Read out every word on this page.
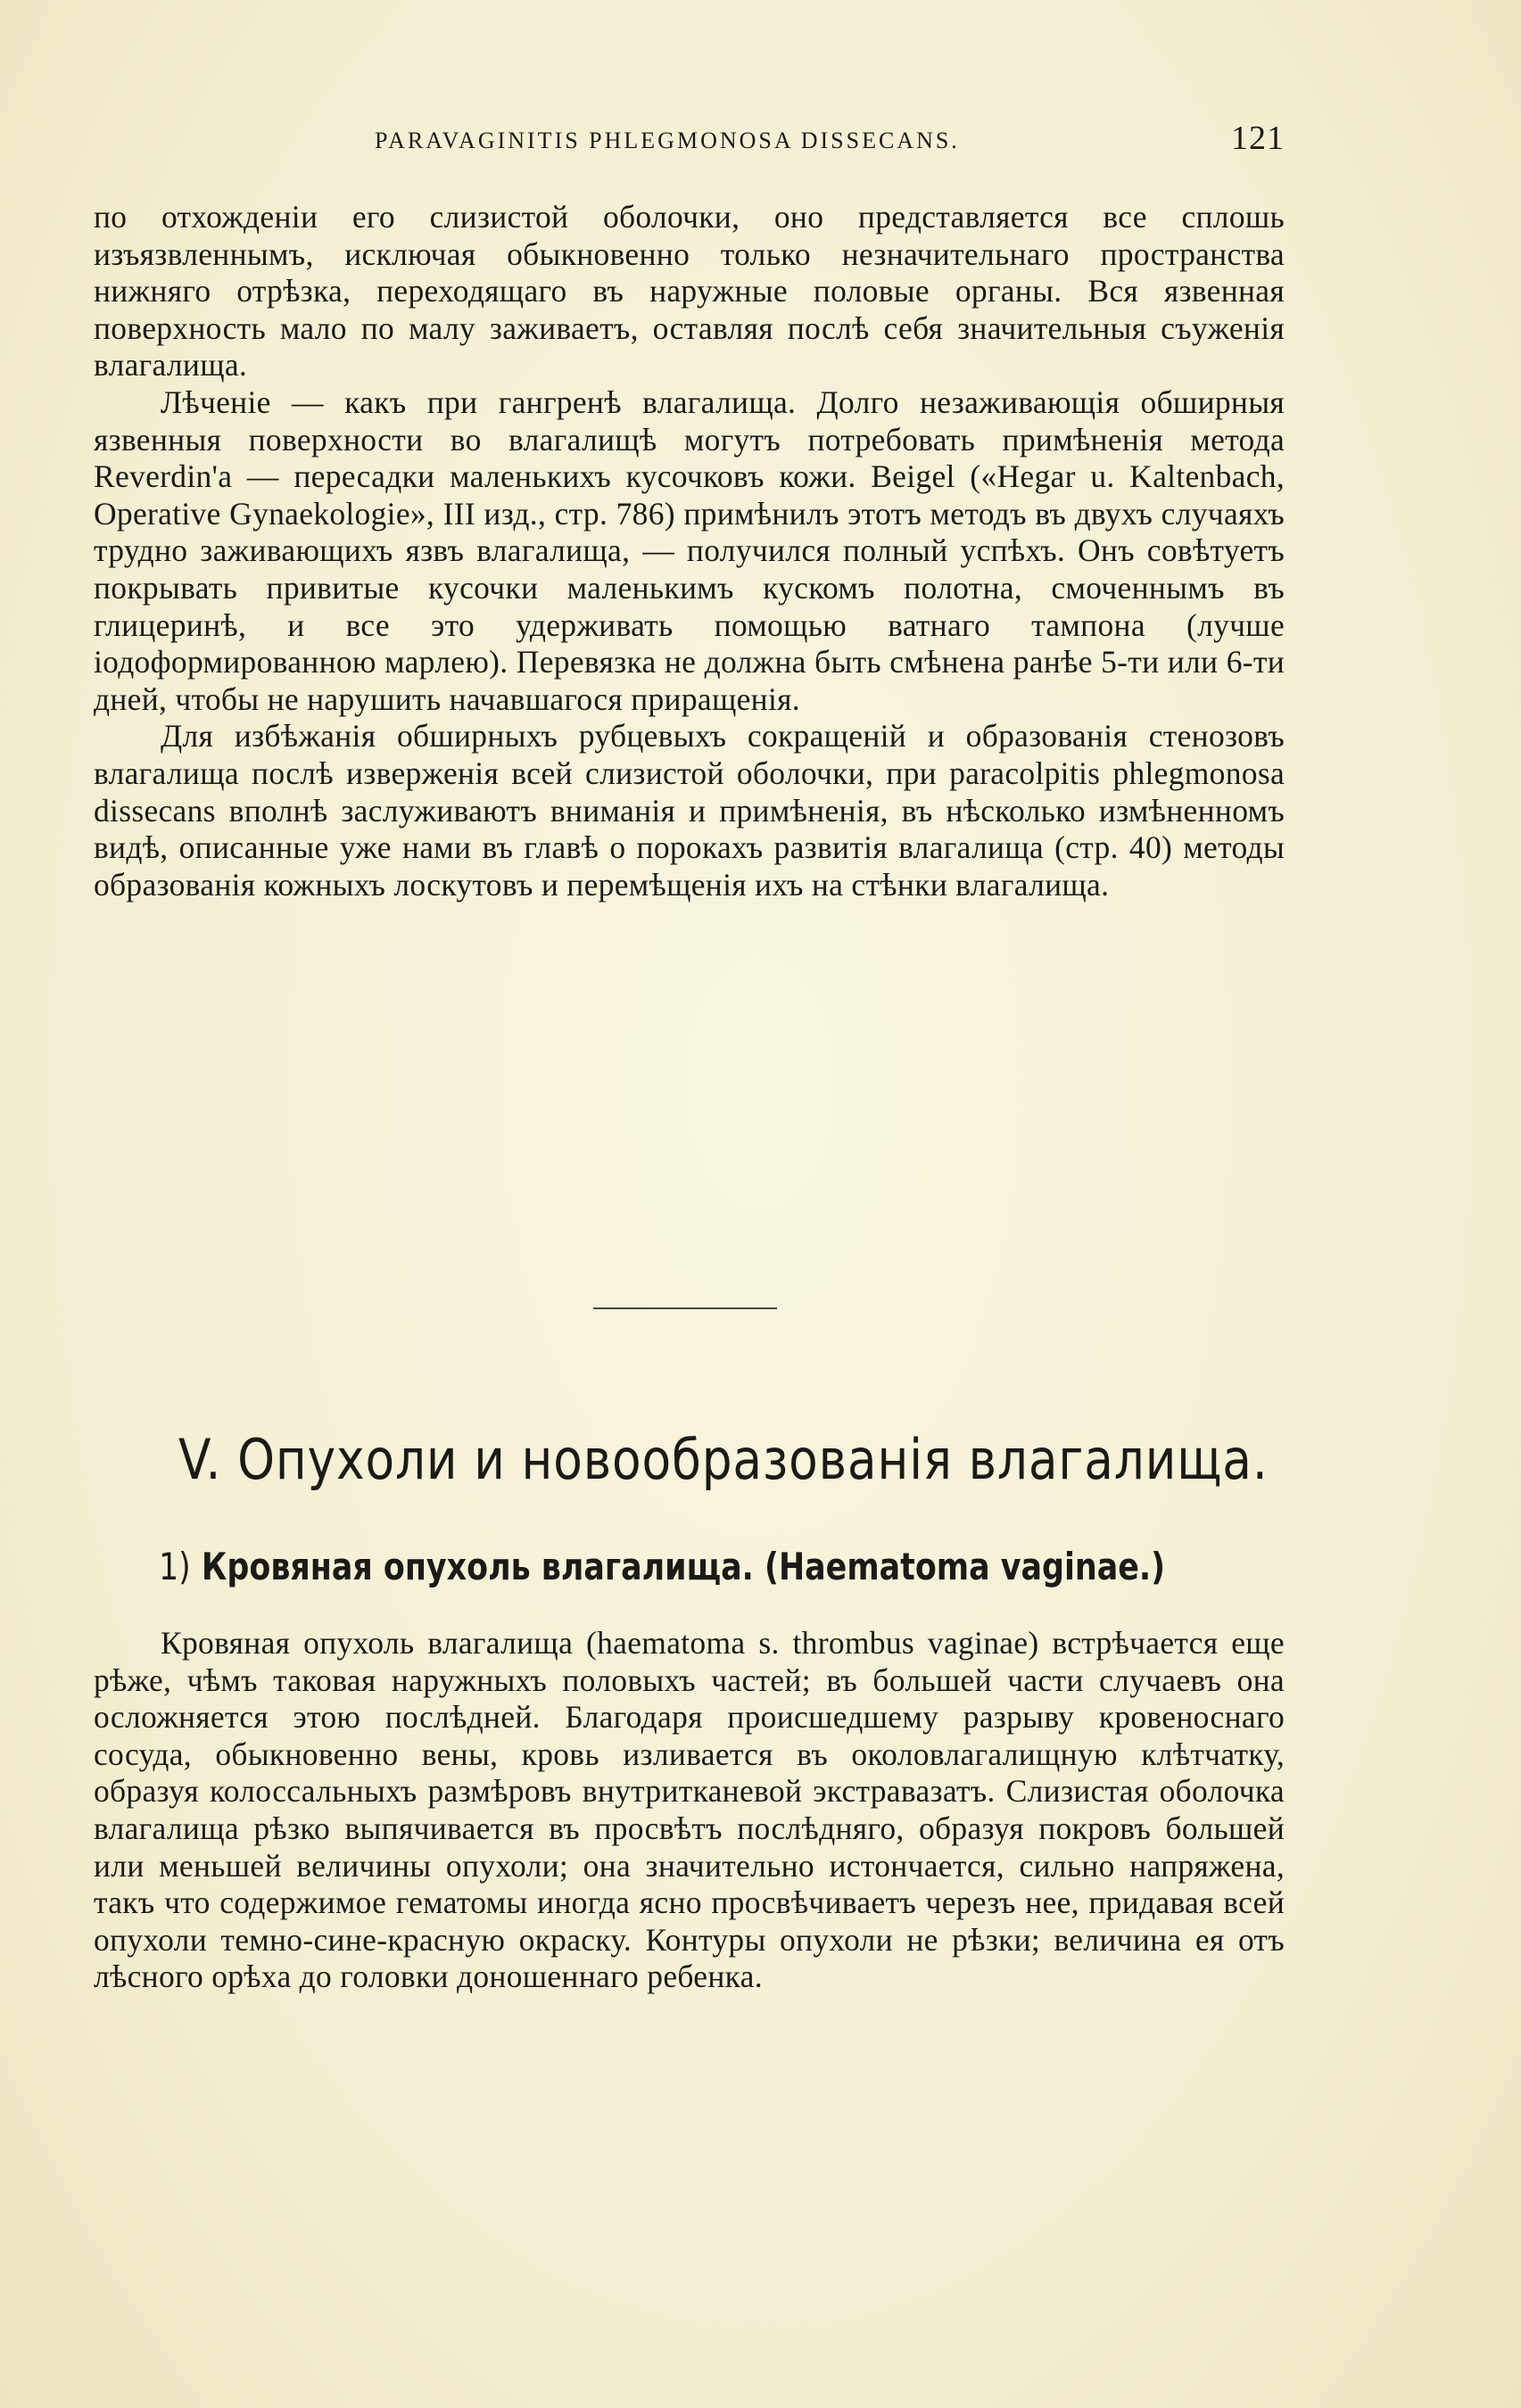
PARAVAGINITIS PHLEGMONOSA DISSECANS.	121

по отхожденіи его слизистой оболочки, оно представляется все сплошь изъязвленнымъ, исключая обыкновенно только незначительнаго пространства нижняго отрѣзка, переходящаго въ наружные половые органы. Вся язвенная поверхность мало по малу заживаетъ, оставляя послѣ себя значительныя съуженія влагалища.

Лѣченіе — какъ при гангренѣ влагалища. Долго незаживающія обширныя язвенныя поверхности во влагалищѣ могутъ потребовать примѣненія метода Reverdin'а — пересадки маленькихъ кусочковъ кожи. Beigel («Hegar u. Kaltenbach, Operative Gynaekologie», III изд., стр. 786) примѣнилъ этотъ методъ въ двухъ случаяхъ трудно заживающихъ язвъ влагалища, — получился полный успѣхъ. Онъ совѣтуетъ покрывать привитые кусочки маленькимъ кускомъ полотна, смоченнымъ въ глицеринѣ, и все это удерживать помощью ватнаго тампона (лучше іодоформированною марлею). Перевязка не должна быть смѣнена ранѣе 5-ти или 6-ти дней, чтобы не нарушить начавшагося приращенія.

Для избѣжанія обширныхъ рубцевыхъ сокращеній и образованія стенозовъ влагалища послѣ изверженія всей слизистой оболочки, при paracolpitis phlegmonosa dissecans вполнѣ заслуживаютъ вниманія и примѣненія, въ нѣсколько измѣненномъ видѣ, описанные уже нами въ главѣ о порокахъ развитія влагалища (стр. 40) методы образованія кожныхъ лоскутовъ и перемѣщенія ихъ на стѣнки влагалища.

V. Опухоли и новообразованія влагалища.
1) Кровяная опухоль влагалища. (Haematoma vaginae.)

Кровяная опухоль влагалища (haematoma s. thrombus vaginae) встрѣчается еще рѣже, чѣмъ таковая наружныхъ половыхъ частей; въ большей части случаевъ она осложняется этою послѣдней. Благодаря происшедшему разрыву кровеноснаго сосуда, обыкновенно вены, кровь изливается въ околовлагалищную клѣтчатку, образуя колоссальныхъ размѣровъ внутритканевой экстравазатъ. Слизистая оболочка влагалища рѣзко выпячивается въ просвѣтъ послѣдняго, образуя покровъ большей или меньшей величины опухоли; она значительно истончается, сильно напряжена, такъ что содержимое гематомы иногда ясно просвѣчиваетъ черезъ нее, придавая всей опухоли темно-сине-красную окраску. Контуры опухоли не рѣзки; величина ея отъ лѣсного орѣха до головки доношеннаго ребенка.
